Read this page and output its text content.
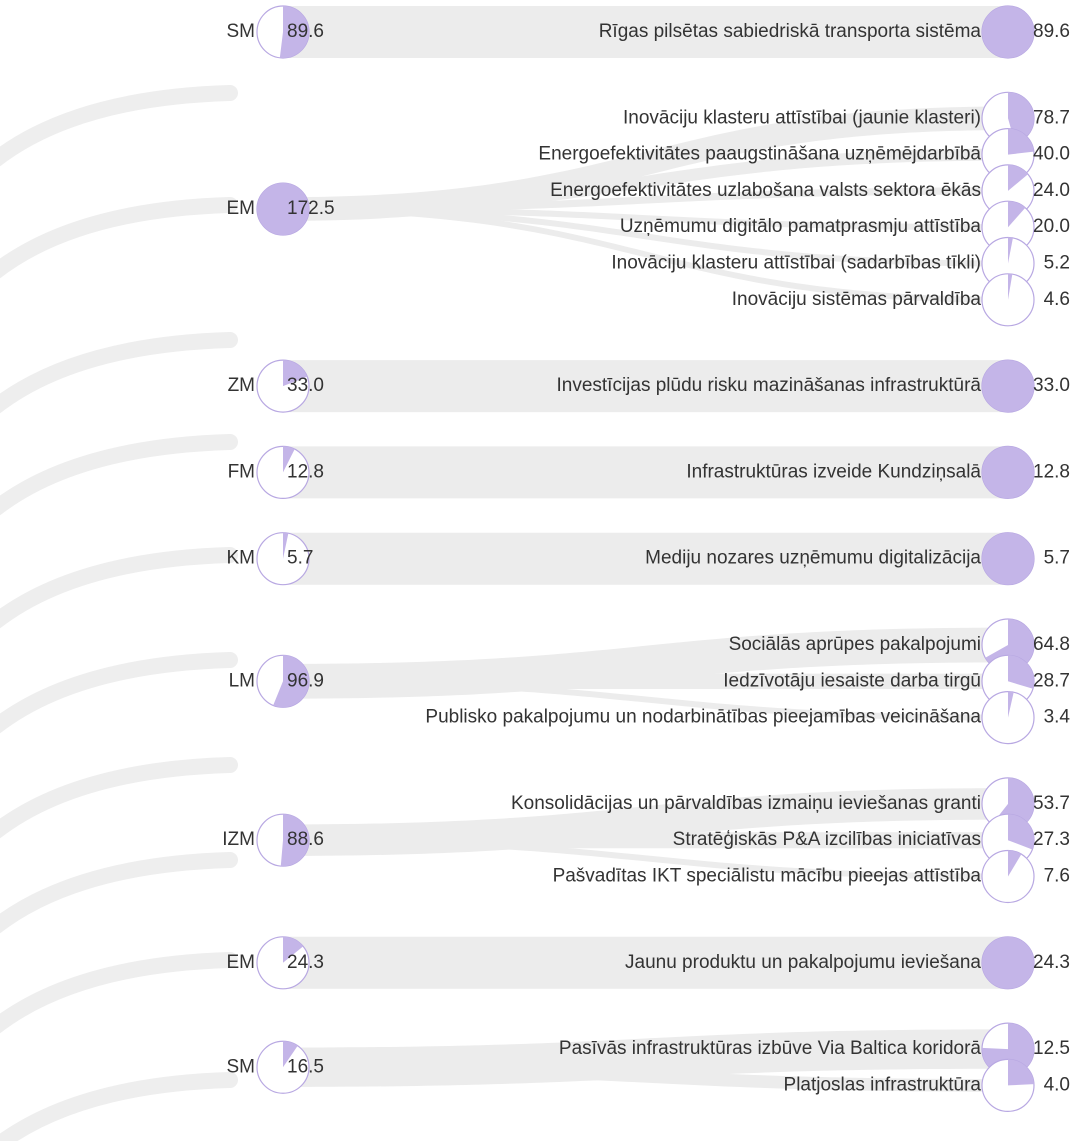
SM 89.6	Rīgas pilsētas sabiedriskā transporta sistēma	89.6
EM 172.5
Inovāciju klasteru attīstībai (jaunie klasteri)	78.7
Energoefektivitātes paaugstināšana uzņēmējdarbībā	40.0
Energoefektivitātes uzlabošana valsts sektora ēkās	24.0
Uzņēmumu digitālo pamatprasmju attīstība	20.0
Inovāciju klasteru attīstībai (sadarbības tīkli)	5.2
Inovāciju sistēmas pārvaldība	4.6
ZM 33.0	Investīcijas plūdu risku mazināšanas infrastruktūrā	33.0
FM 12.8	Infrastruktūras izveide Kundziņsalā	12.8
KM 5.7	Mediju nozares uzņēmumu digitalizācija	5.7
LM 96.9
Sociālās aprūpes pakalpojumi	64.8
Iedzīvotāju iesaiste darba tirgū	28.7
Publisko pakalpojumu un nodarbinātības pieejamības veicināšana	3.4
IZM 88.6
Konsolidācijas un pārvaldības izmaiņu ieviešanas granti	53.7
Stratēģiskās P&A izcilības iniciatīvas	27.3
Pašvadītas IKT speciālistu mācību pieejas attīstība	7.6
EM 24.3	Jaunu produktu un pakalpojumu ieviešana	24.3
SM 16.5
Pasīvās infrastruktūras izbūve Via Baltica koridorā	12.5
Platjoslas infrastruktūra	4.0
